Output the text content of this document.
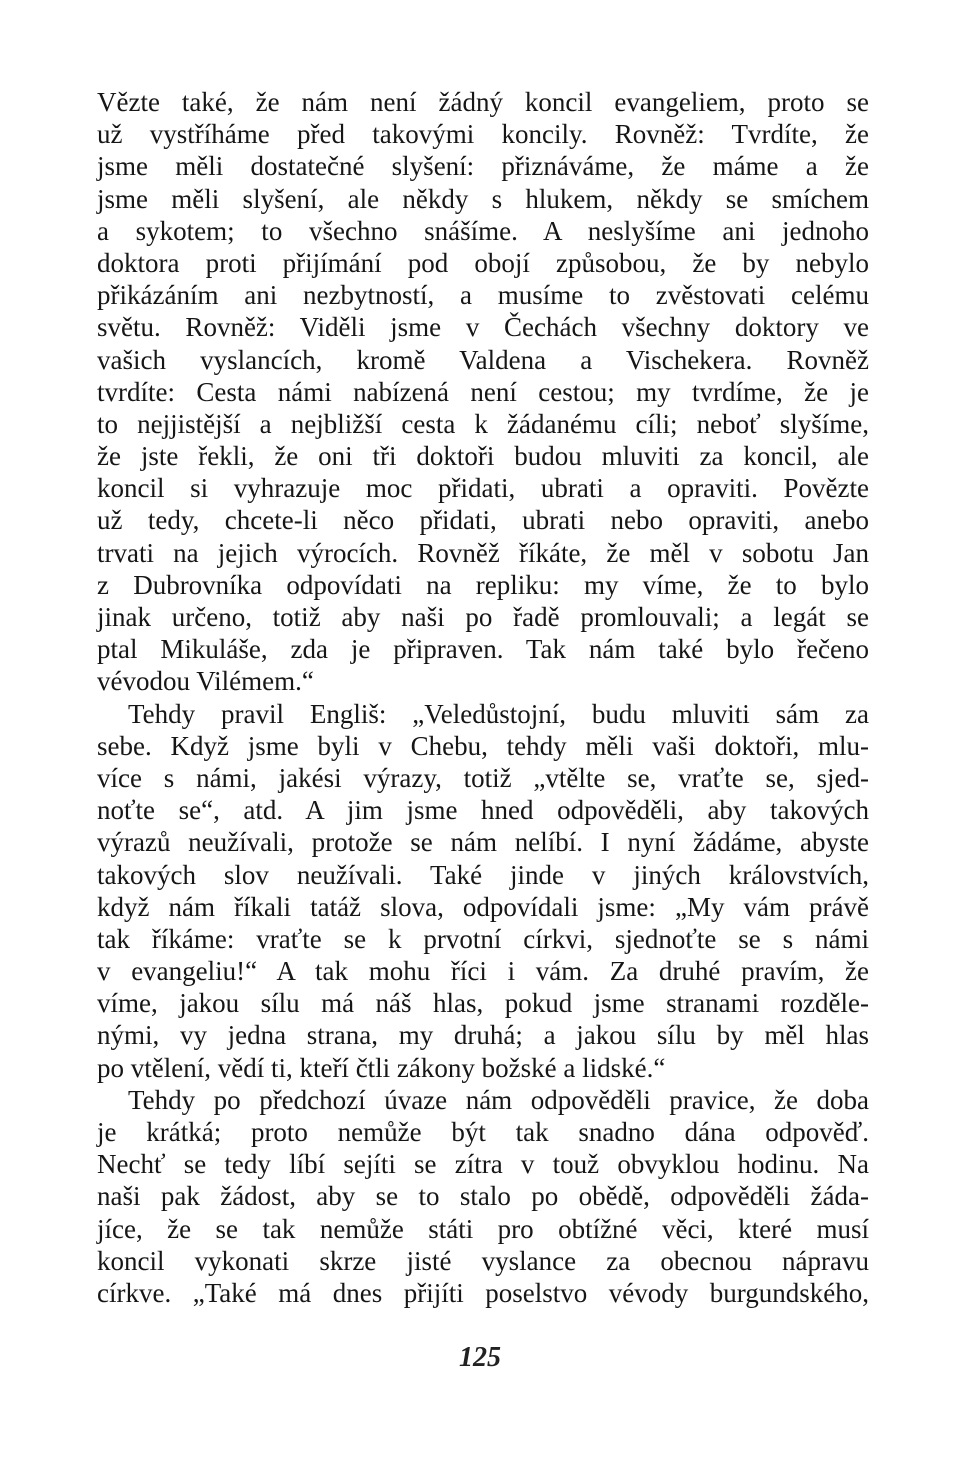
Vězte také, že nám není žádný koncil evangeliem, proto se
už vystříháme před takovými koncily. Rovněž: Tvrdíte, že
jsme měli dostatečné slyšení: přiznáváme, že máme a že
jsme měli slyšení, ale někdy s hlukem, někdy se smíchem
a sykotem; to všechno snášíme. A neslyšíme ani jednoho
doktora proti přijímání pod obojí způsobou, že by nebylo
přikázáním ani nezbytností, a musíme to zvěstovati celému
světu. Rovněž: Viděli jsme v Čechách všechny doktory ve
vašich vyslancích, kromě Valdena a Vischekera. Rovněž
tvrdíte: Cesta námi nabízená není cestou; my tvrdíme, že je
to nejjistější a nejbližší cesta k žádanému cíli; neboť slyšíme,
že jste řekli, že oni tři doktoři budou mluviti za koncil, ale
koncil si vyhrazuje moc přidati, ubrati a opraviti. Povězte
už tedy, chcete-li něco přidati, ubrati nebo opraviti, anebo
trvati na jejich výrocích. Rovněž říkáte, že měl v sobotu Jan
z Dubrovníka odpovídati na repliku: my víme, že to bylo
jinak určeno, totiž aby naši po řadě promlouvali; a legát se
ptal Mikuláše, zda je připraven. Tak nám také bylo řečeno
vévodou Vilémem.“
Tehdy pravil Engliš: „Veledůstojní, budu mluviti sám za
sebe. Když jsme byli v Chebu, tehdy měli vaši doktoři, mlu-
více s námi, jakési výrazy, totiž „vtělte se, vraťte se, sjed-
noťte se“, atd. A jim jsme hned odpověděli, aby takových
výrazů neužívali, protože se nám nelíbí. I nyní žádáme, abyste
takových slov neužívali. Také jinde v jiných královstvích,
když nám říkali tatáž slova, odpovídali jsme: „My vám právě
tak říkáme: vraťte se k prvotní církvi, sjednoťte se s námi
v evangeliu!“ A tak mohu říci i vám. Za druhé pravím, že
víme, jakou sílu má náš hlas, pokud jsme stranami rozděle-
nými, vy jedna strana, my druhá; a jakou sílu by měl hlas
po vtělení, vědí ti, kteří čtli zákony božské a lidské.“
Tehdy po předchozí úvaze nám odpověděli pravice, že doba
je krátká; proto nemůže být tak snadno dána odpověď.
Nechť se tedy líbí sejíti se zítra v touž obvyklou hodinu. Na
naši pak žádost, aby se to stalo po obědě, odpověděli žáda-
jíce, že se tak nemůže státi pro obtížné věci, které musí
koncil vykonati skrze jisté vyslance za obecnou nápravu
církve. „Také má dnes přijíti poselstvo vévody burgundského,
125
